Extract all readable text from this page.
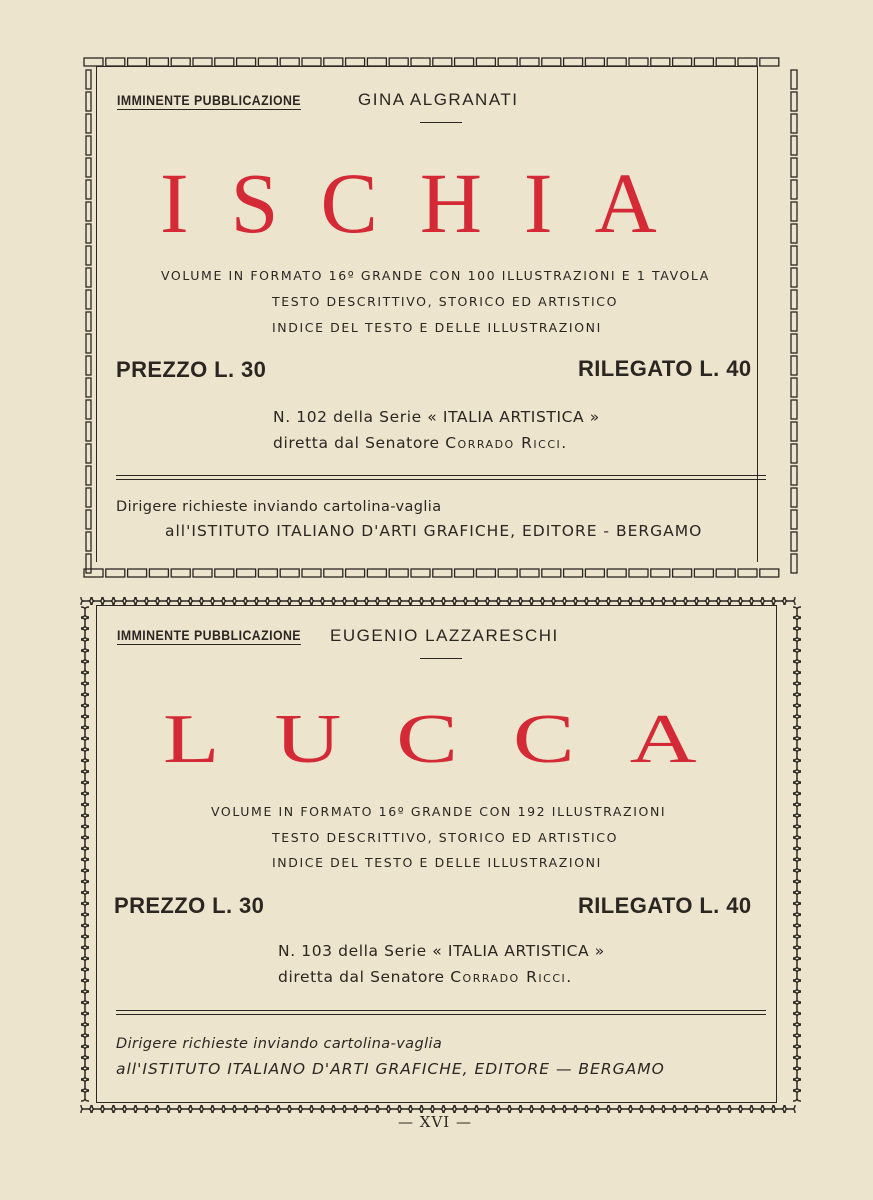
IMMINENTE PUBBLICAZIONE	GINA ALGRANATI
ISCHIA
VOLUME IN FORMATO 16º GRANDE CON 100 ILLUSTRAZIONI E 1 TAVOLA
TESTO DESCRITTIVO, STORICO ED ARTISTICO
INDICE DEL TESTO E DELLE ILLUSTRAZIONI
PREZZO L. 30	RILEGATO L. 40
N. 102 della Serie « ITALIA ARTISTICA »
diretta dal Senatore Corrado Ricci.
Dirigere richieste inviando cartolina-vaglia
all'ISTITUTO ITALIANO D'ARTI GRAFICHE, EDITORE - BERGAMO
IMMINENTE PUBBLICAZIONE EUGENIO LAZZARESCHI
LUCCA
VOLUME IN FORMATO 16º GRANDE CON 192 ILLUSTRAZIONI
TESTO DESCRITTIVO, STORICO ED ARTISTICO
INDICE DEL TESTO E DELLE ILLUSTRAZIONI
PREZZO L. 30	RILEGATO L. 40
N. 103 della Serie « ITALIA ARTISTICA »
diretta dal Senatore Corrado Ricci.
Dirigere richieste inviando cartolina-vaglia
all'ISTITUTO ITALIANO D'ARTI GRAFICHE, EDITORE — BERGAMO
— XVI —
